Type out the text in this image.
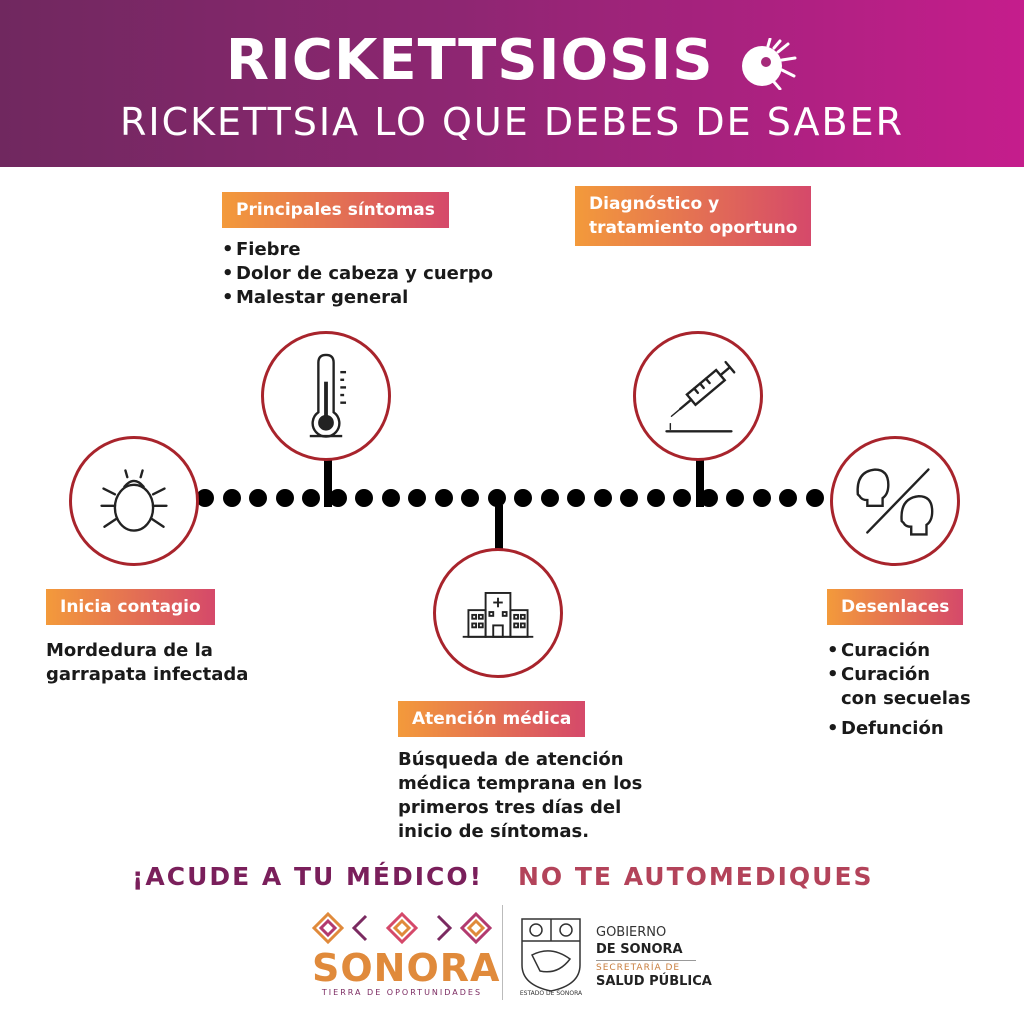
RICKETTSIOSIS
RICKETTSIA LO QUE DEBES DE SABER
Principales síntomas
• Fiebre
• Dolor de cabeza y cuerpo
• Malestar general
Diagnóstico y
tratamiento oportuno
Inicia contagio
Mordedura de la
garrapata infectada
Desenlaces
• Curación
• Curación
con secuelas
• Defunción
Atención médica
Búsqueda de atención
médica temprana en los
primeros tres días del
inicio de síntomas.
¡ACUDE A TU MÉDICO! NO TE AUTOMEDIQUES
SONORA
TIERRA DE OPORTUNIDADES	ESTADO DE SONORA
GOBIERNO
DE SONORA
SECRETARÍA DE
SALUD PÚBLICA
